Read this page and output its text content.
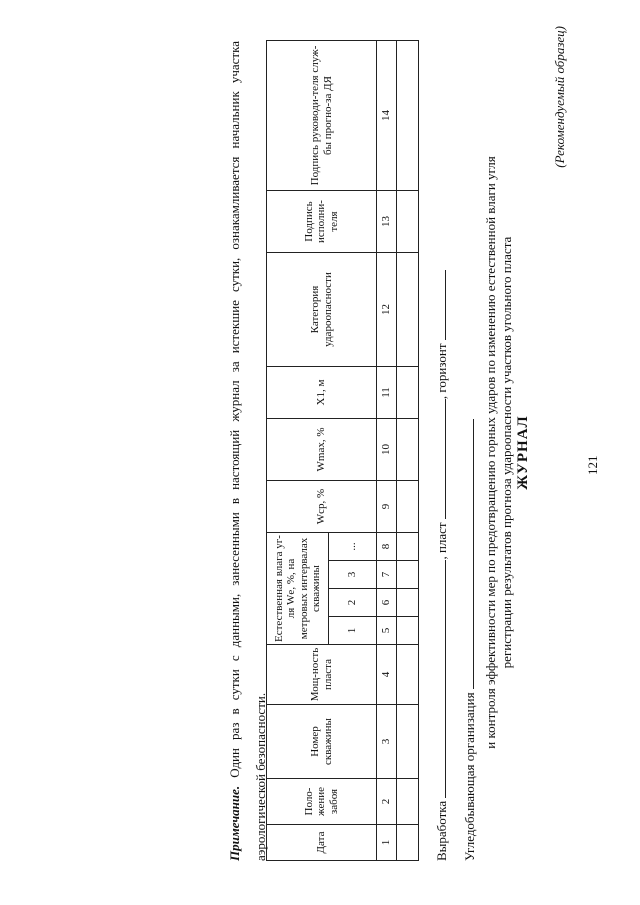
121
(Рекомендуемый образец)
ЖУРНАЛ
регистрации результатов прогноза удароопасности участков угольного пласта
и контроля эффективности мер по предотвращению горных ударов по изменению естественной влаги угля
Угледобывающая организация
Выработка , пласт , горизонт
Дата	Поло-жение забоя	Номер скважины	Мощ-ность пласта	Естественная влага уг-ля Wе, %, на метровых интервалах скважины				Wср, %	Wmax, %	X1, м	Категория удароопасности	Подпись исполни-теля	Подпись руководи-теля служ-бы прогно-за ДЯ
				1	2	3	...						
1	2	3	4	5	6	7	8	9	10	11	12	13	14

Примечание. Один раз в сутки с данными, занесенными в настоящий журнал за истекшие сутки, ознакамливается начальник участка аэрологической безопасности.
